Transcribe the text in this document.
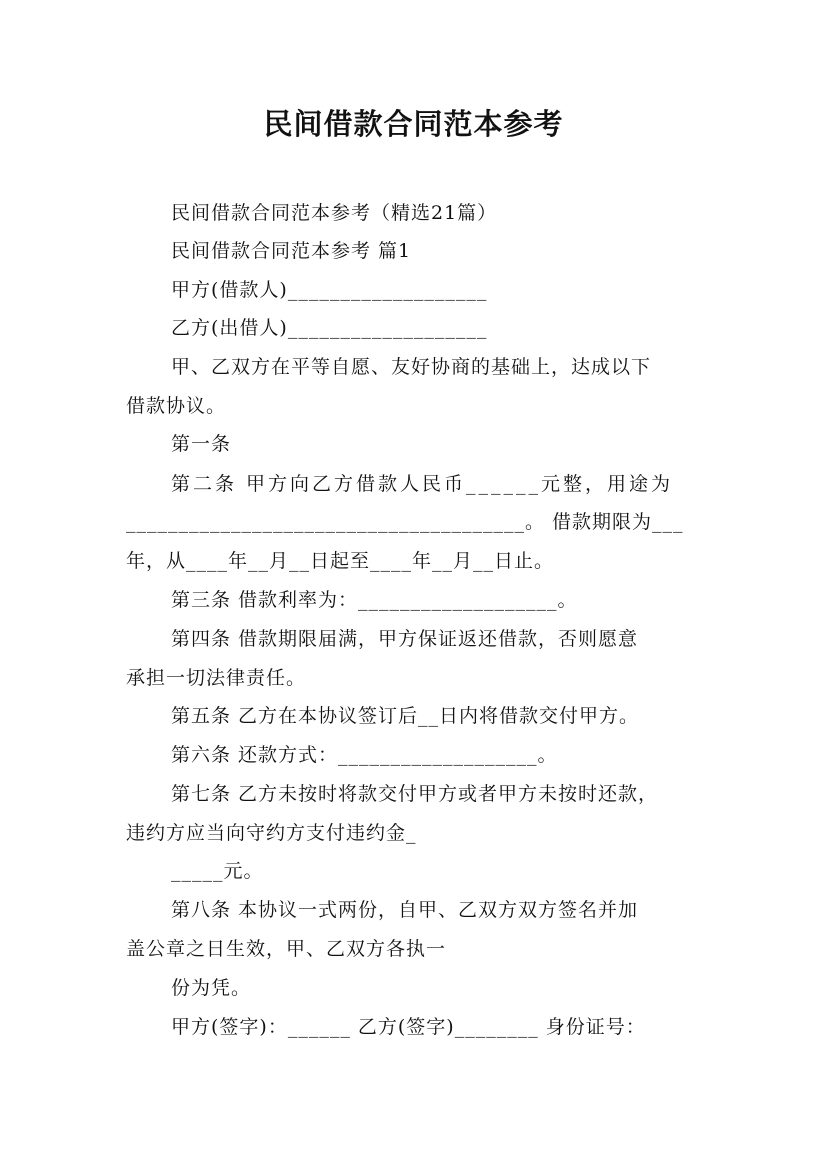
民间借款合同范本参考
民间借款合同范本参考（精选21篇）
民间借款合同范本参考 篇1
甲方(借款人)___________________
乙方(出借人)___________________
甲、乙双方在平等自愿、友好协商的基础上，达成以下
借款协议。
第一条
第二条 甲方向乙方借款人民币______元整，用途为
______________________________________。 借款期限为___
年，从____年__月__日起至____年__月__日止。
第三条 借款利率为：___________________。
第四条 借款期限届满，甲方保证返还借款，否则愿意
承担一切法律责任。
第五条 乙方在本协议签订后__日内将借款交付甲方。
第六条 还款方式：___________________。
第七条 乙方未按时将款交付甲方或者甲方未按时还款，
违约方应当向守约方支付违约金_
_____元。
第八条 本协议一式两份，自甲、乙双方双方签名并加
盖公章之日生效，甲、乙双方各执一
份为凭。
甲方(签字)：______ 乙方(签字)________ 身份证号：
